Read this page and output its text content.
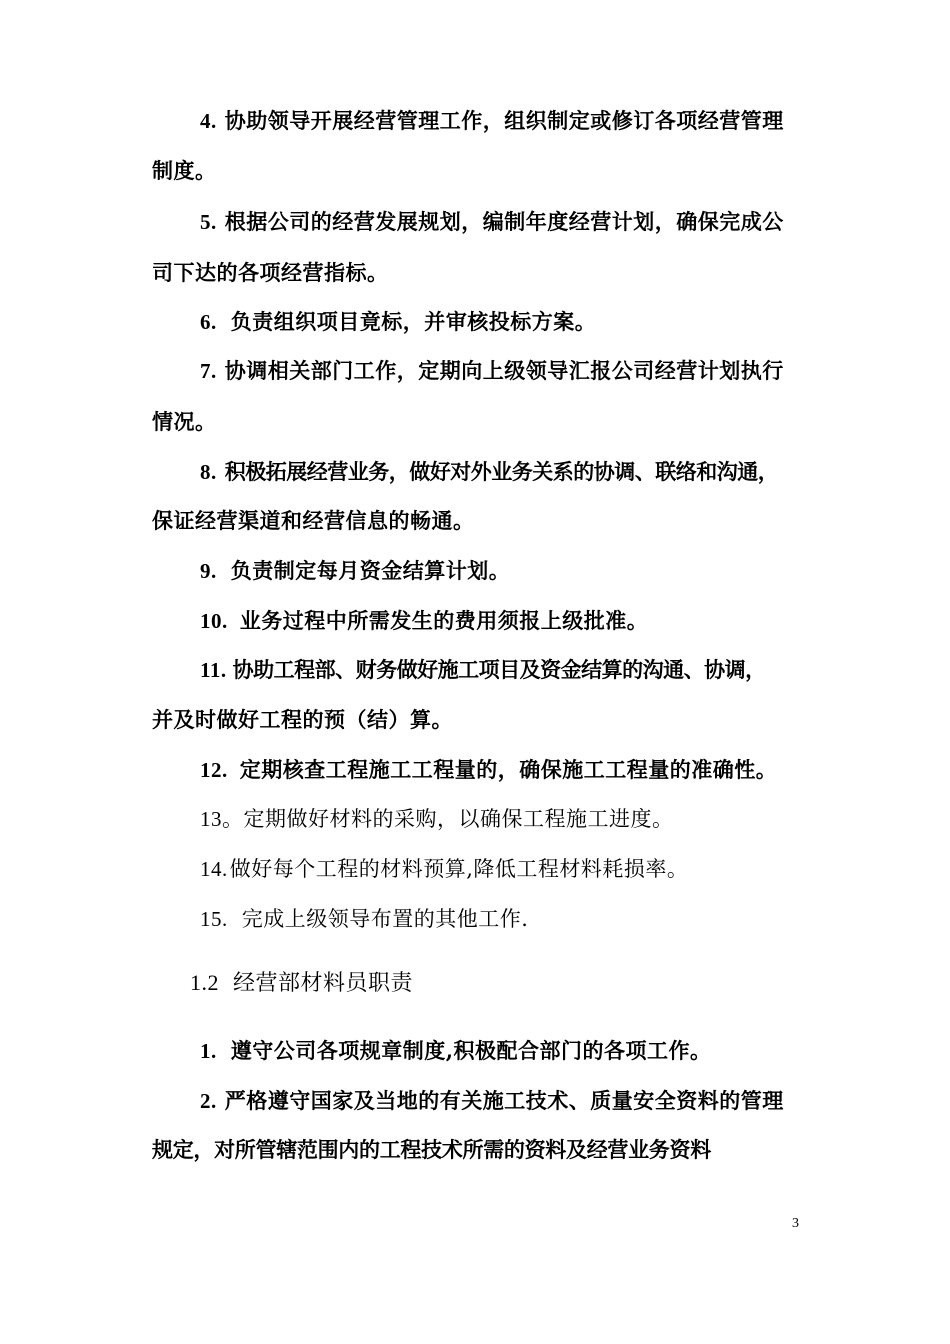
4. 协助领导开展经营管理工作，组织制定或修订各项经营管理
制度。
5. 根据公司的经营发展规划，编制年度经营计划，确保完成公
司下达的各项经营指标。
6. 负责组织项目竟标，并审核投标方案。
7. 协调相关部门工作，定期向上级领导汇报公司经营计划执行
情况。
8. 积极拓展经营业务，做好对外业务关系的协调、联络和沟通，
保证经营渠道和经营信息的畅通。
9. 负责制定每月资金结算计划。
10. 业务过程中所需发生的费用须报上级批准。
11. 协助工程部、财务做好施工项目及资金结算的沟通、协调，
并及时做好工程的预（结）算。
12. 定期核查工程施工工程量的，确保施工工程量的准确性。
13。定期做好材料的采购，以确保工程施工进度。
14.做好每个工程的材料预算,降低工程材料耗损率。
15. 完成上级领导布置的其他工作.
1.2 经营部材料员职责
1. 遵守公司各项规章制度,积极配合部门的各项工作。
2. 严格遵守国家及当地的有关施工技术、质量安全资料的管理
规定，对所管辖范围内的工程技术所需的资料及经营业务资料
3
